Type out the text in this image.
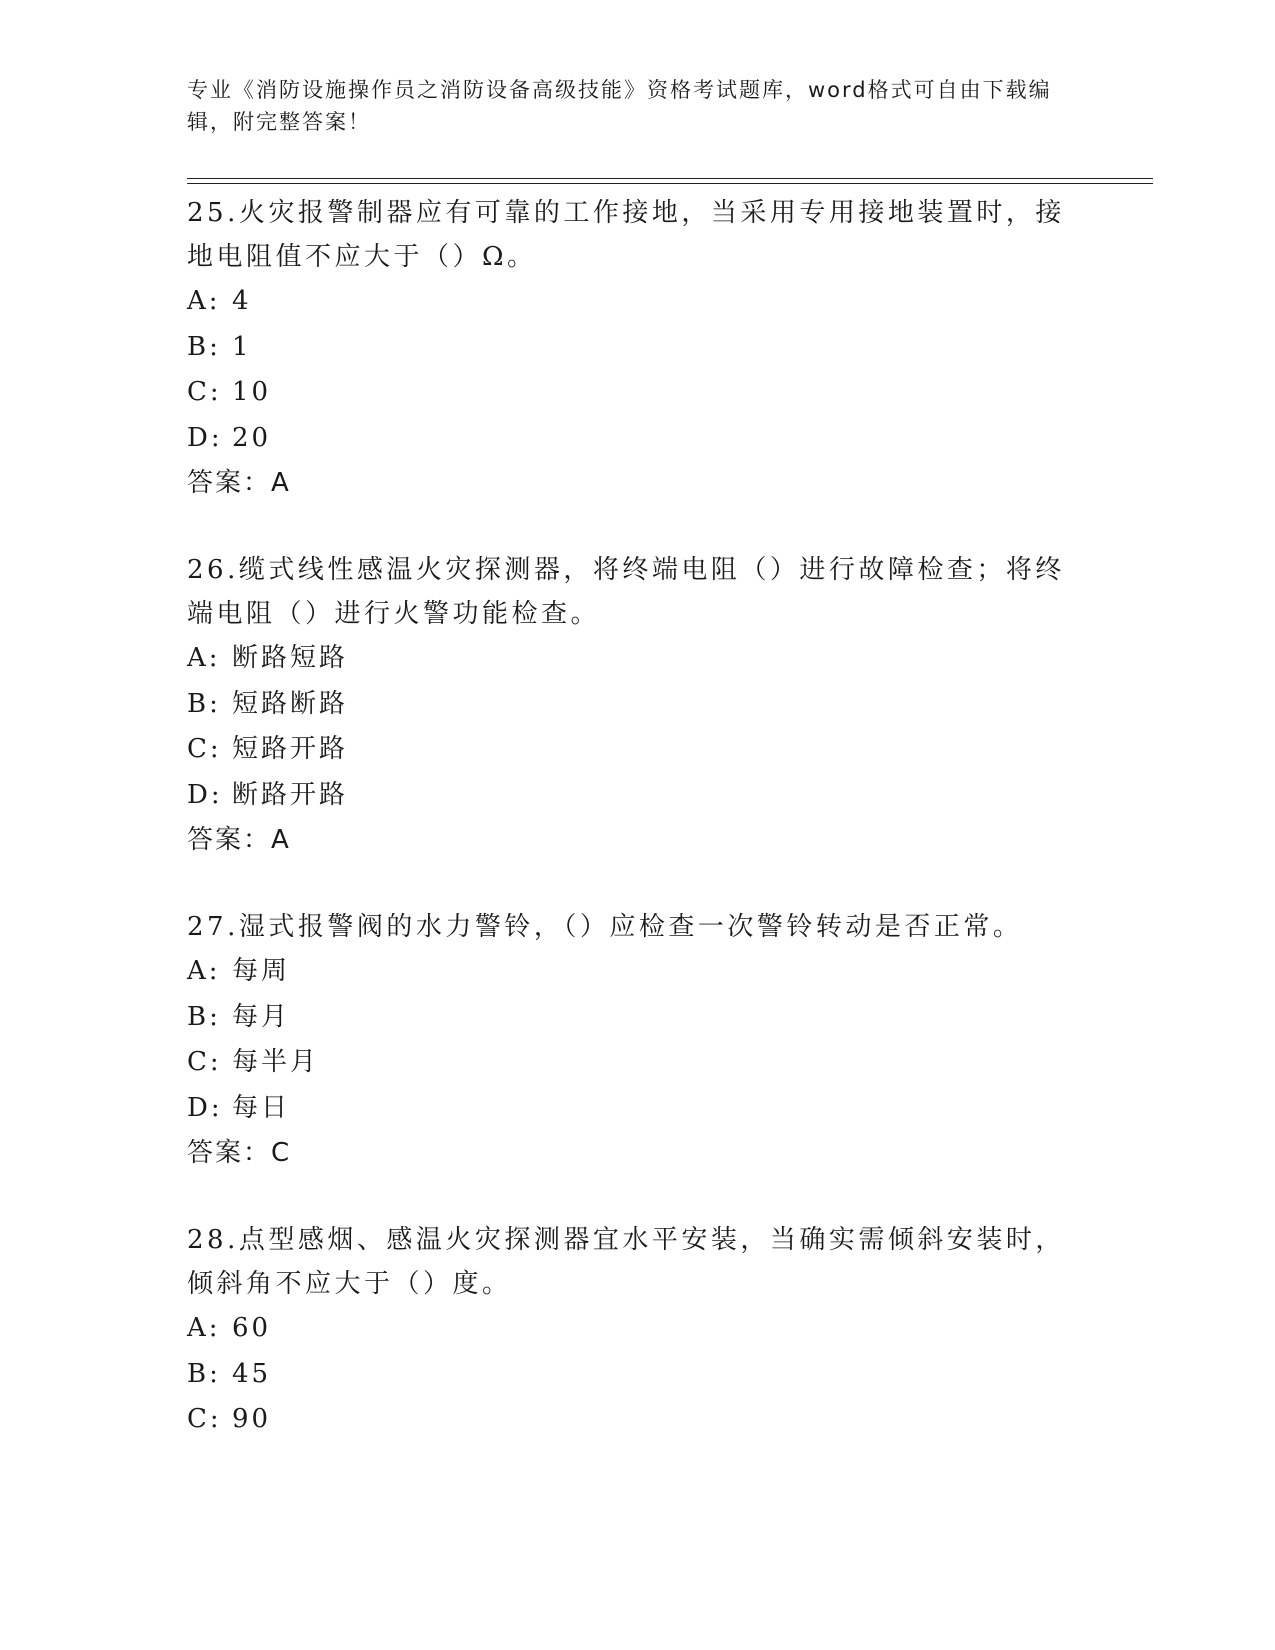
专业《消防设施操作员之消防设备高级技能》资格考试题库，word格式可自由下载编辑，附完整答案！

25.火灾报警制器应有可靠的工作接地，当采用专用接地装置时，接地电阻值不应大于（）Ω。

A: 4

B: 1

C: 10

D: 20

答案：A

26.缆式线性感温火灾探测器，将终端电阻（）进行故障检查；将终端电阻（）进行火警功能检查。

A: 断路短路

B: 短路断路

C: 短路开路

D: 断路开路

答案：A

27.湿式报警阀的水力警铃，（）应检查一次警铃转动是否正常。

A: 每周

B: 每月

C: 每半月

D: 每日

答案：C

28.点型感烟、感温火灾探测器宜水平安装，当确实需倾斜安装时，倾斜角不应大于（）度。

A: 60

B: 45

C: 90
